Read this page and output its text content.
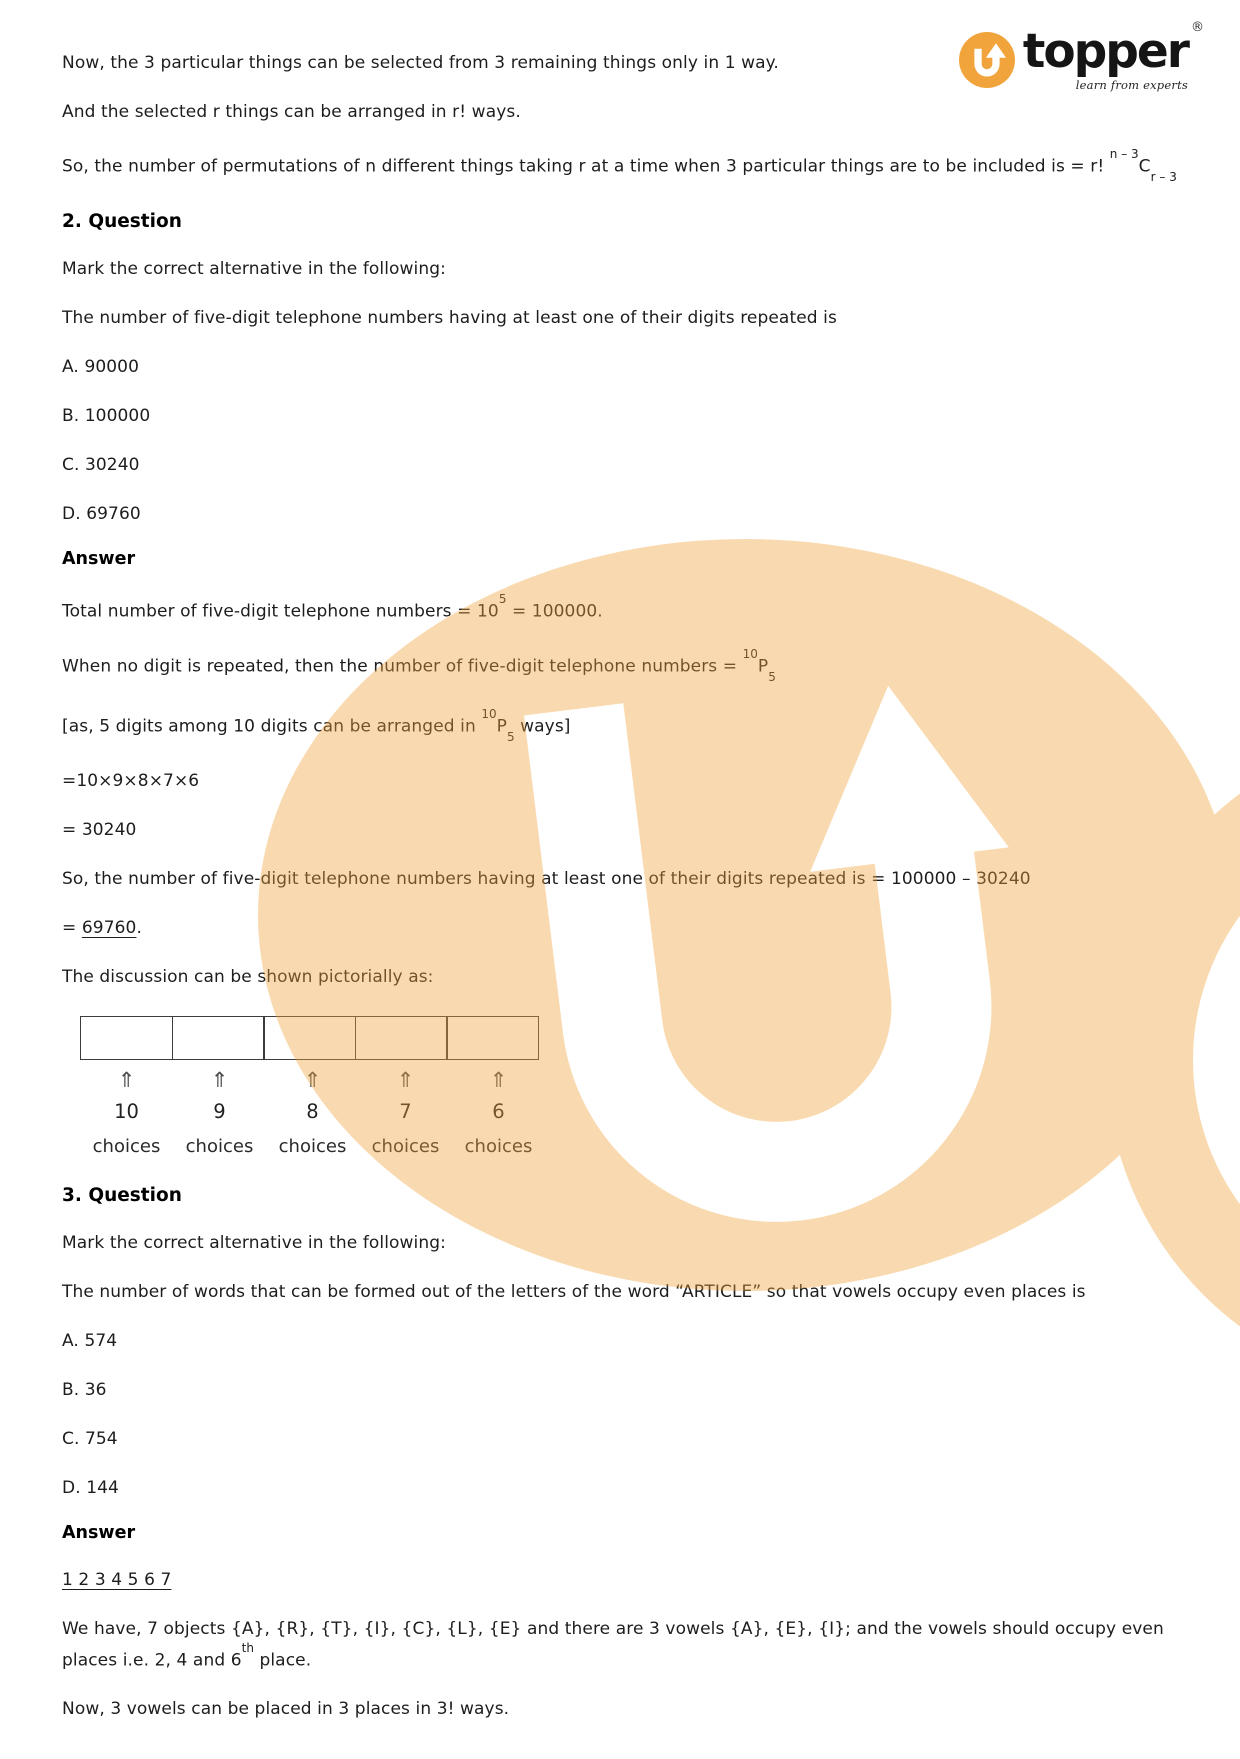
topper ®
learn from experts

Now, the 3 particular things can be selected from 3 remaining things only in 1 way.

And the selected r things can be arranged in r! ways.

So, the number of permutations of n different things taking r at a time when 3 particular things are to be included is = r! $^{n - 3}C_{r - 3}$

2. Question

Mark the correct alternative in the following:

The number of five-digit telephone numbers having at least one of their digits repeated is

A. 90000

B. 100000

C. 30240

D. 69760

Answer

Total number of five-digit telephone numbers = $10^5 = 100000$.

When no digit is repeated, then the number of five-digit telephone numbers = $^{10}P_5$

[as, 5 digits among 10 digits can be arranged in $^{10}P_5$ ways]

=10×9×8×7×6

= 30240

So, the number of five-digit telephone numbers having at least one of their digits repeated is = 100000 – 30240

= 69760.

The discussion can be shown pictorially as:

⇑	⇑	⇑	⇑	⇑
10	9	8	7	6
choices	choices	choices	choices	choices
3. Question

Mark the correct alternative in the following:

The number of words that can be formed out of the letters of the word “ARTICLE” so that vowels occupy even places is

A. 574

B. 36

C. 754

D. 144

Answer

1 2 3 4 5 6 7

We have, 7 objects {A}, {R}, {T}, {I}, {C}, {L}, {E} and there are 3 vowels {A}, {E}, {I}; and the vowels should occupy even places i.e. 2, 4 and 6th place.

Now, 3 vowels can be placed in 3 places in 3! ways.
